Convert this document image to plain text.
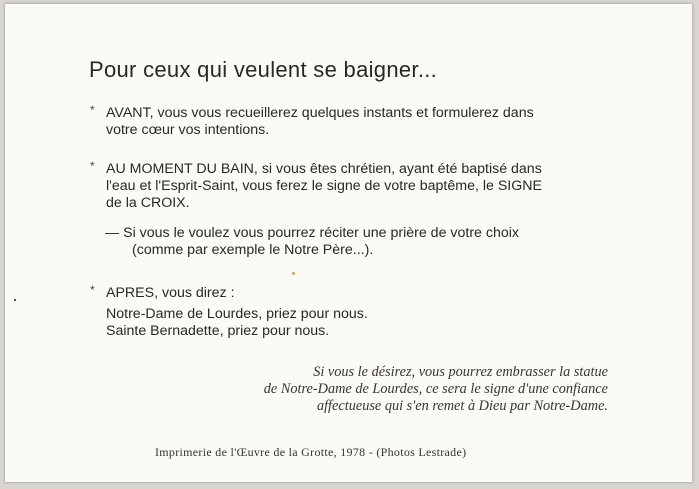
Pour ceux qui veulent se baigner...
* AVANT, vous vous recueillerez quelques instants et formulerez dans
votre cœur vos intentions.
* AU MOMENT DU BAIN, si vous êtes chrétien, ayant été baptisé dans
l'eau et l'Esprit-Saint, vous ferez le signe de votre baptême, le SIGNE
de la CROIX.
— Si vous le voulez vous pourrez réciter une prière de votre choix
(comme par exemple le Notre Père...).
* APRES, vous direz :
Notre-Dame de Lourdes, priez pour nous.
Sainte Bernadette, priez pour nous.
Si vous le désirez, vous pourrez embrasser la statue
de Notre-Dame de Lourdes, ce sera le signe d'une confiance
affectueuse qui s'en remet à Dieu par Notre-Dame.
Imprimerie de l'Œuvre de la Grotte, 1978 - (Photos Lestrade)
